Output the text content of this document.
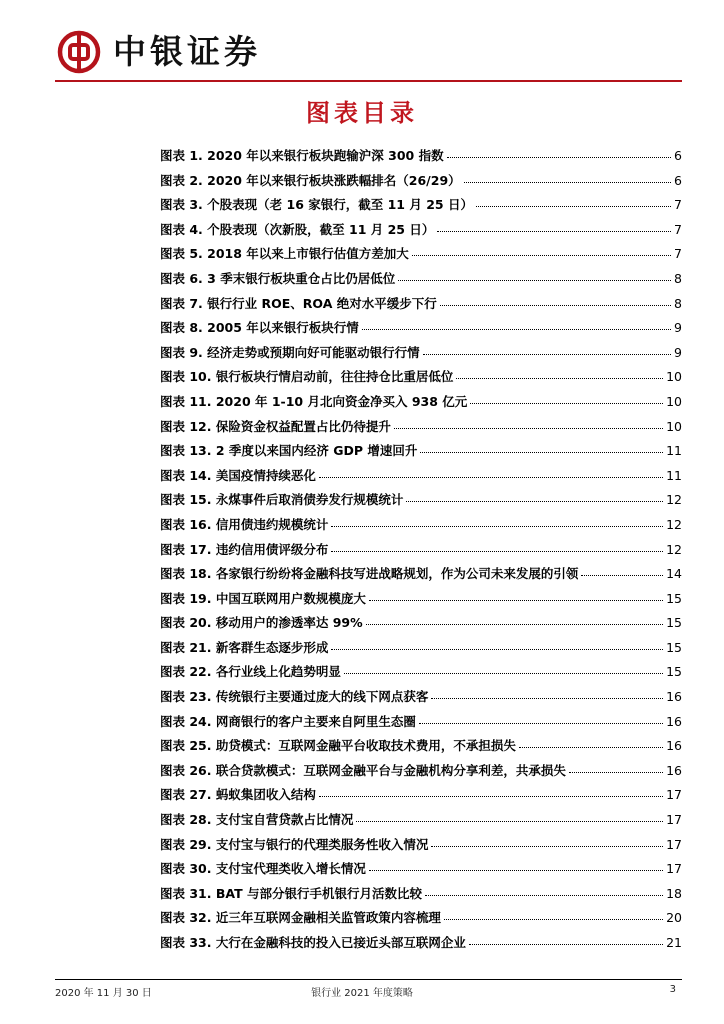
中银证券
图表目录
图表 1. 2020 年以来银行板块跑输沪深 300 指数	6
图表 2. 2020 年以来银行板块涨跌幅排名（26/29）	6
图表 3. 个股表现（老 16 家银行，截至 11 月 25 日）	7
图表 4. 个股表现（次新股，截至 11 月 25 日）	7
图表 5. 2018 年以来上市银行估值方差加大	7
图表 6. 3 季末银行板块重仓占比仍居低位	8
图表 7. 银行行业 ROE、ROA 绝对水平缓步下行	8
图表 8. 2005 年以来银行板块行情	9
图表 9. 经济走势或预期向好可能驱动银行行情	9
图表 10. 银行板块行情启动前，往往持仓比重居低位	10
图表 11. 2020 年 1-10 月北向资金净买入 938 亿元	10
图表 12. 保险资金权益配置占比仍待提升	10
图表 13. 2 季度以来国内经济 GDP 增速回升	11
图表 14. 美国疫情持续恶化	11
图表 15. 永煤事件后取消债券发行规模统计	12
图表 16. 信用债违约规模统计	12
图表 17. 违约信用债评级分布	12
图表 18. 各家银行纷纷将金融科技写进战略规划，作为公司未来发展的引领	14
图表 19. 中国互联网用户数规模庞大	15
图表 20. 移动用户的渗透率达 99%	15
图表 21. 新客群生态逐步形成	15
图表 22. 各行业线上化趋势明显	15
图表 23. 传统银行主要通过庞大的线下网点获客	16
图表 24. 网商银行的客户主要来自阿里生态圈	16
图表 25. 助贷模式：互联网金融平台收取技术费用，不承担损失	16
图表 26. 联合贷款模式：互联网金融平台与金融机构分享利差，共承损失	16
图表 27. 蚂蚁集团收入结构	17
图表 28. 支付宝自营贷款占比情况	17
图表 29. 支付宝与银行的代理类服务性收入情况	17
图表 30. 支付宝代理类收入增长情况	17
图表 31. BAT 与部分银行手机银行月活数比较	18
图表 32. 近三年互联网金融相关监管政策内容梳理	20
图表 33. 大行在金融科技的投入已接近头部互联网企业	21
2020 年 11 月 30 日	银行业 2021 年度策略	3
